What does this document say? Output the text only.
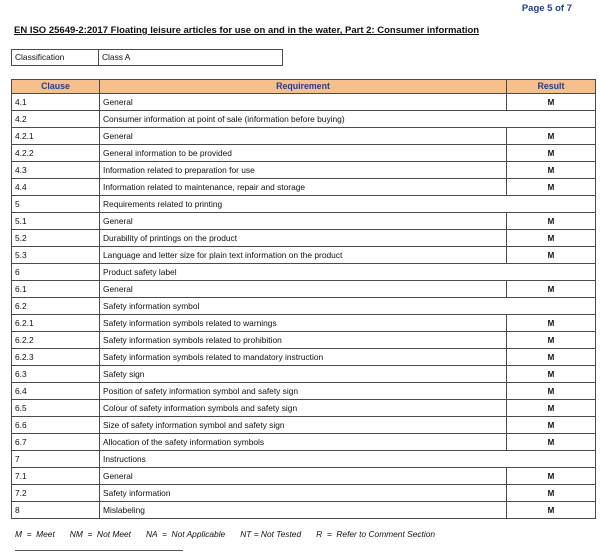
Page 5 of 7
EN ISO 25649-2:2017 Floating leisure articles for use on and in the water, Part 2: Consumer information
Classification	Class A
Clause	Requirement	Result
4.1	General	M
4.2	Consumer information at point of sale (information before buying)	
4.2.1	General	M
4.2.2	General information to be provided	M
4.3	Information related to preparation for use	M
4.4	Information related to maintenance, repair and storage	M
5	Requirements related to printing	
5.1	General	M
5.2	Durability of printings on the product	M
5.3	Language and letter size for plain text information on the product	M
6	Product safety label	
6.1	General	M
6.2	Safety information symbol	
6.2.1	Safety information symbols related to warnings	M
6.2.2	Safety information symbols related to prohibition	M
6.2.3	Safety information symbols related to mandatory instruction	M
6.3	Safety sign	M
6.4	Position of safety information symbol and safety sign	M
6.5	Colour of safety information symbols and safety sign	M
6.6	Size of safety information symbol and safety sign	M
6.7	Allocation of the safety information symbols	M
7	Instructions	
7.1	General	M
7.2	Safety information	M
8	Mislabeling	M
M  =  Meet NM  =  Not Meet NA  =  Not Applicable NT = Not Tested R  =  Refer to Comment Section
